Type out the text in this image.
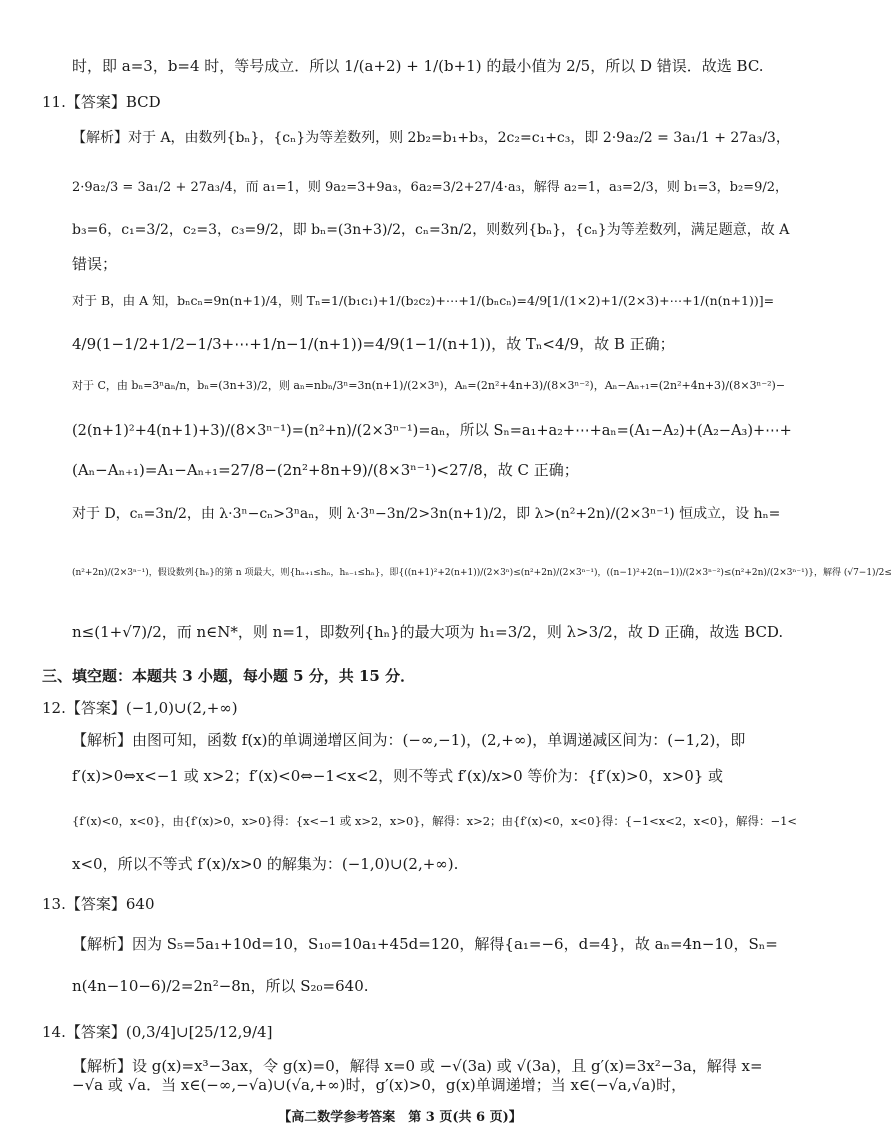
时，即 a=3，b=4 时，等号成立．所以 1/(a+2) + 1/(b+1) 的最小值为 2/5，所以 D 错误．故选 BC.
11.【答案】BCD
【解析】对于 A，由数列{bₙ}，{cₙ}为等差数列，则 2b₂=b₁+b₃，2c₂=c₁+c₃，即 2·9a₂/2 = 3a₁/1 + 27a₃/3，
2·9a₂/3 = 3a₁/2 + 27a₃/4，而 a₁=1，则 9a₂=3+9a₃，6a₂=3/2+27/4·a₃，解得 a₂=1，a₃=2/3，则 b₁=3，b₂=9/2，
b₃=6，c₁=3/2，c₂=3，c₃=9/2，即 bₙ=(3n+3)/2，cₙ=3n/2，则数列{bₙ}，{cₙ}为等差数列，满足题意，故 A
错误；
对于 B，由 A 知，bₙcₙ=9n(n+1)/4，则 Tₙ=1/(b₁c₁)+1/(b₂c₂)+⋯+1/(bₙcₙ)=4/9[1/(1×2)+1/(2×3)+⋯+1/(n(n+1))]=
4/9(1−1/2+1/2−1/3+⋯+1/n−1/(n+1))=4/9(1−1/(n+1))，故 Tₙ<4/9，故 B 正确；
对于 C，由 bₙ=3ⁿaₙ/n，bₙ=(3n+3)/2，则 aₙ=nbₙ/3ⁿ=3n(n+1)/(2×3ⁿ)，Aₙ=(2n²+4n+3)/(8×3ⁿ⁻²)，Aₙ−Aₙ₊₁=(2n²+4n+3)/(8×3ⁿ⁻²)−
(2(n+1)²+4(n+1)+3)/(8×3ⁿ⁻¹)=(n²+n)/(2×3ⁿ⁻¹)=aₙ，所以 Sₙ=a₁+a₂+⋯+aₙ=(A₁−A₂)+(A₂−A₃)+⋯+
(Aₙ−Aₙ₊₁)=A₁−Aₙ₊₁=27/8−(2n²+8n+9)/(8×3ⁿ⁻¹)<27/8，故 C 正确；
对于 D，cₙ=3n/2，由 λ·3ⁿ−cₙ>3ⁿaₙ，则 λ·3ⁿ−3n/2>3n(n+1)/2，即 λ>(n²+2n)/(2×3ⁿ⁻¹) 恒成立，设 hₙ=
(n²+2n)/(2×3ⁿ⁻¹)，假设数列{hₙ}的第 n 项最大，则{hₙ₊₁≤hₙ，hₙ₋₁≤hₙ}，即{((n+1)²+2(n+1))/(2×3ⁿ)≤(n²+2n)/(2×3ⁿ⁻¹)，((n−1)²+2(n−1))/(2×3ⁿ⁻²)≤(n²+2n)/(2×3ⁿ⁻¹)}，解得 (√7−1)/2≤
n≤(1+√7)/2，而 n∈N*，则 n=1，即数列{hₙ}的最大项为 h₁=3/2，则 λ>3/2，故 D 正确，故选 BCD.
三、填空题：本题共 3 小题，每小题 5 分，共 15 分．
12.【答案】(−1,0)∪(2,+∞)
【解析】由图可知，函数 f(x)的单调递增区间为：(−∞,−1)，(2,+∞)，单调递减区间为：(−1,2)，即
f′(x)>0⇔x<−1 或 x>2；f′(x)<0⇔−1<x<2，则不等式 f′(x)/x>0 等价为：{f′(x)>0，x>0} 或
{f′(x)<0，x<0}，由{f′(x)>0，x>0}得：{x<−1 或 x>2，x>0}，解得：x>2；由{f′(x)<0，x<0}得：{−1<x<2，x<0}，解得：−1<
x<0，所以不等式 f′(x)/x>0 的解集为：(−1,0)∪(2,+∞).
13.【答案】640
【解析】因为 S₅=5a₁+10d=10，S₁₀=10a₁+45d=120，解得{a₁=−6，d=4}，故 aₙ=4n−10，Sₙ=
n(4n−10−6)/2=2n²−8n，所以 S₂₀=640.
14.【答案】(0,3/4]∪[25/12,9/4]
【解析】设 g(x)=x³−3ax，令 g(x)=0，解得 x=0 或 −√(3a) 或 √(3a)，且 g′(x)=3x²−3a，解得 x=
−√a 或 √a．当 x∈(−∞,−√a)∪(√a,+∞)时，g′(x)>0，g(x)单调递增；当 x∈(−√a,√a)时，
【高二数学参考答案　第 3 页(共 6 页)】
